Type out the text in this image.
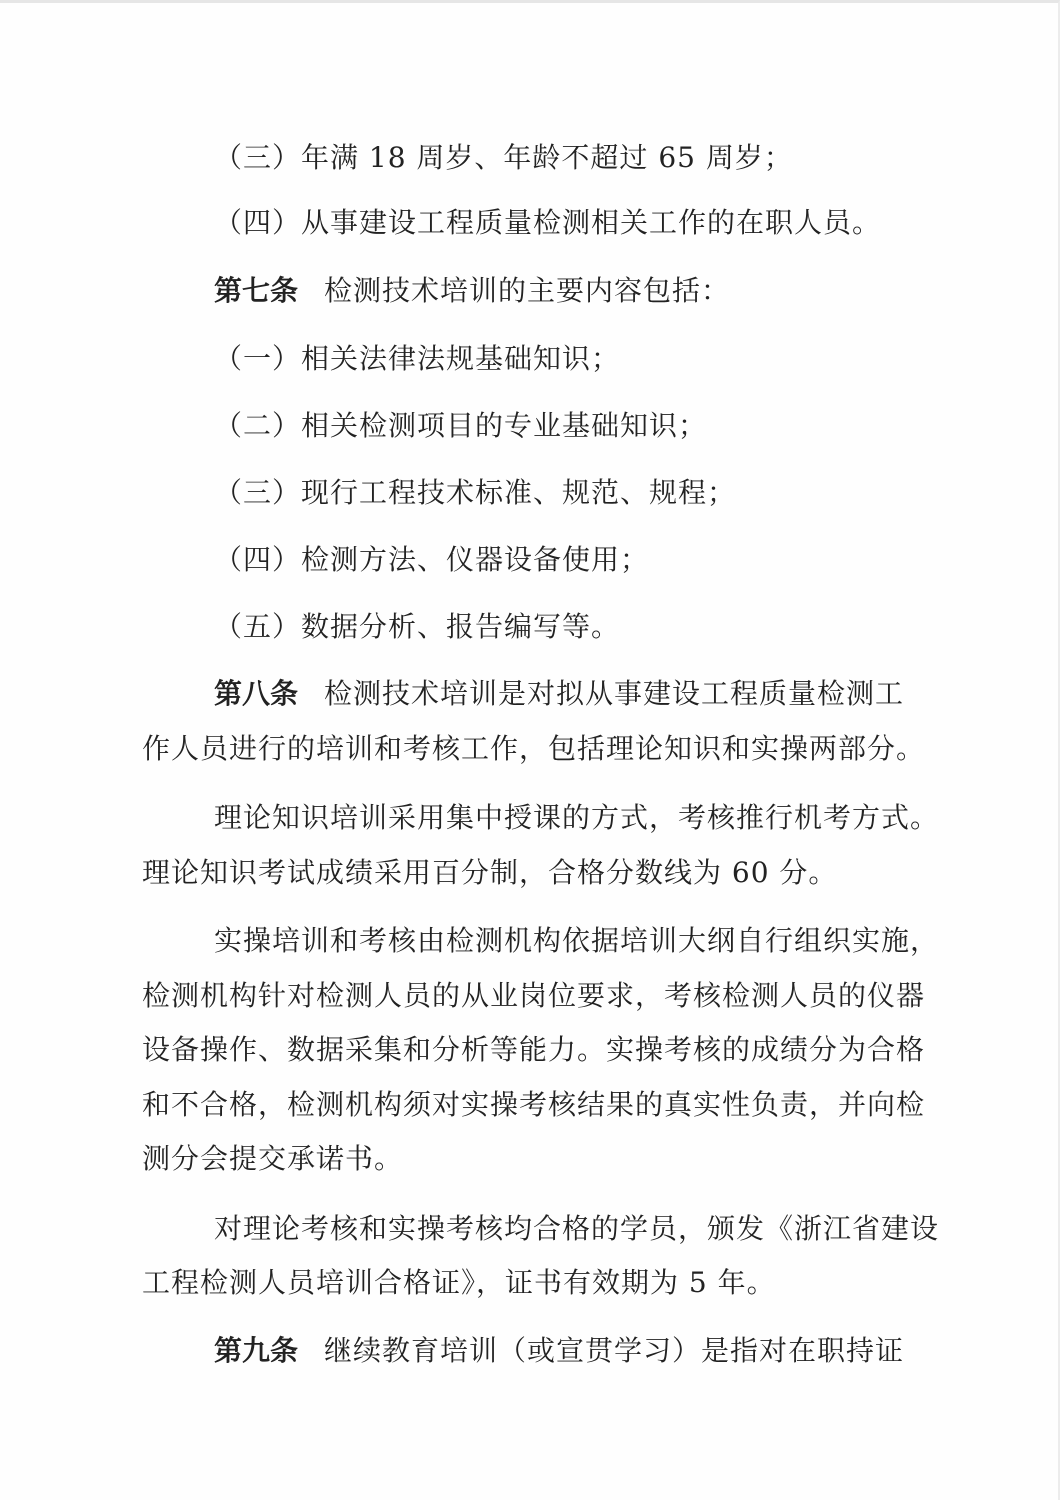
（三）年满 18 周岁、年龄不超过 65 周岁；

（四）从事建设工程质量检测相关工作的在职人员。

第七条 检测技术培训的主要内容包括：

（一）相关法律法规基础知识；

（二）相关检测项目的专业基础知识；

（三）现行工程技术标准、规范、规程；

（四）检测方法、仪器设备使用；

（五）数据分析、报告编写等。

第八条 检测技术培训是对拟从事建设工程质量检测工

作人员进行的培训和考核工作，包括理论知识和实操两部分。

理论知识培训采用集中授课的方式，考核推行机考方式。

理论知识考试成绩采用百分制，合格分数线为 60 分。

实操培训和考核由检测机构依据培训大纲自行组织实施，

检测机构针对检测人员的从业岗位要求，考核检测人员的仪器

设备操作、数据采集和分析等能力。实操考核的成绩分为合格

和不合格，检测机构须对实操考核结果的真实性负责，并向检

测分会提交承诺书。

对理论考核和实操考核均合格的学员，颁发《浙江省建设

工程检测人员培训合格证》，证书有效期为 5 年。

第九条 继续教育培训（或宣贯学习）是指对在职持证
